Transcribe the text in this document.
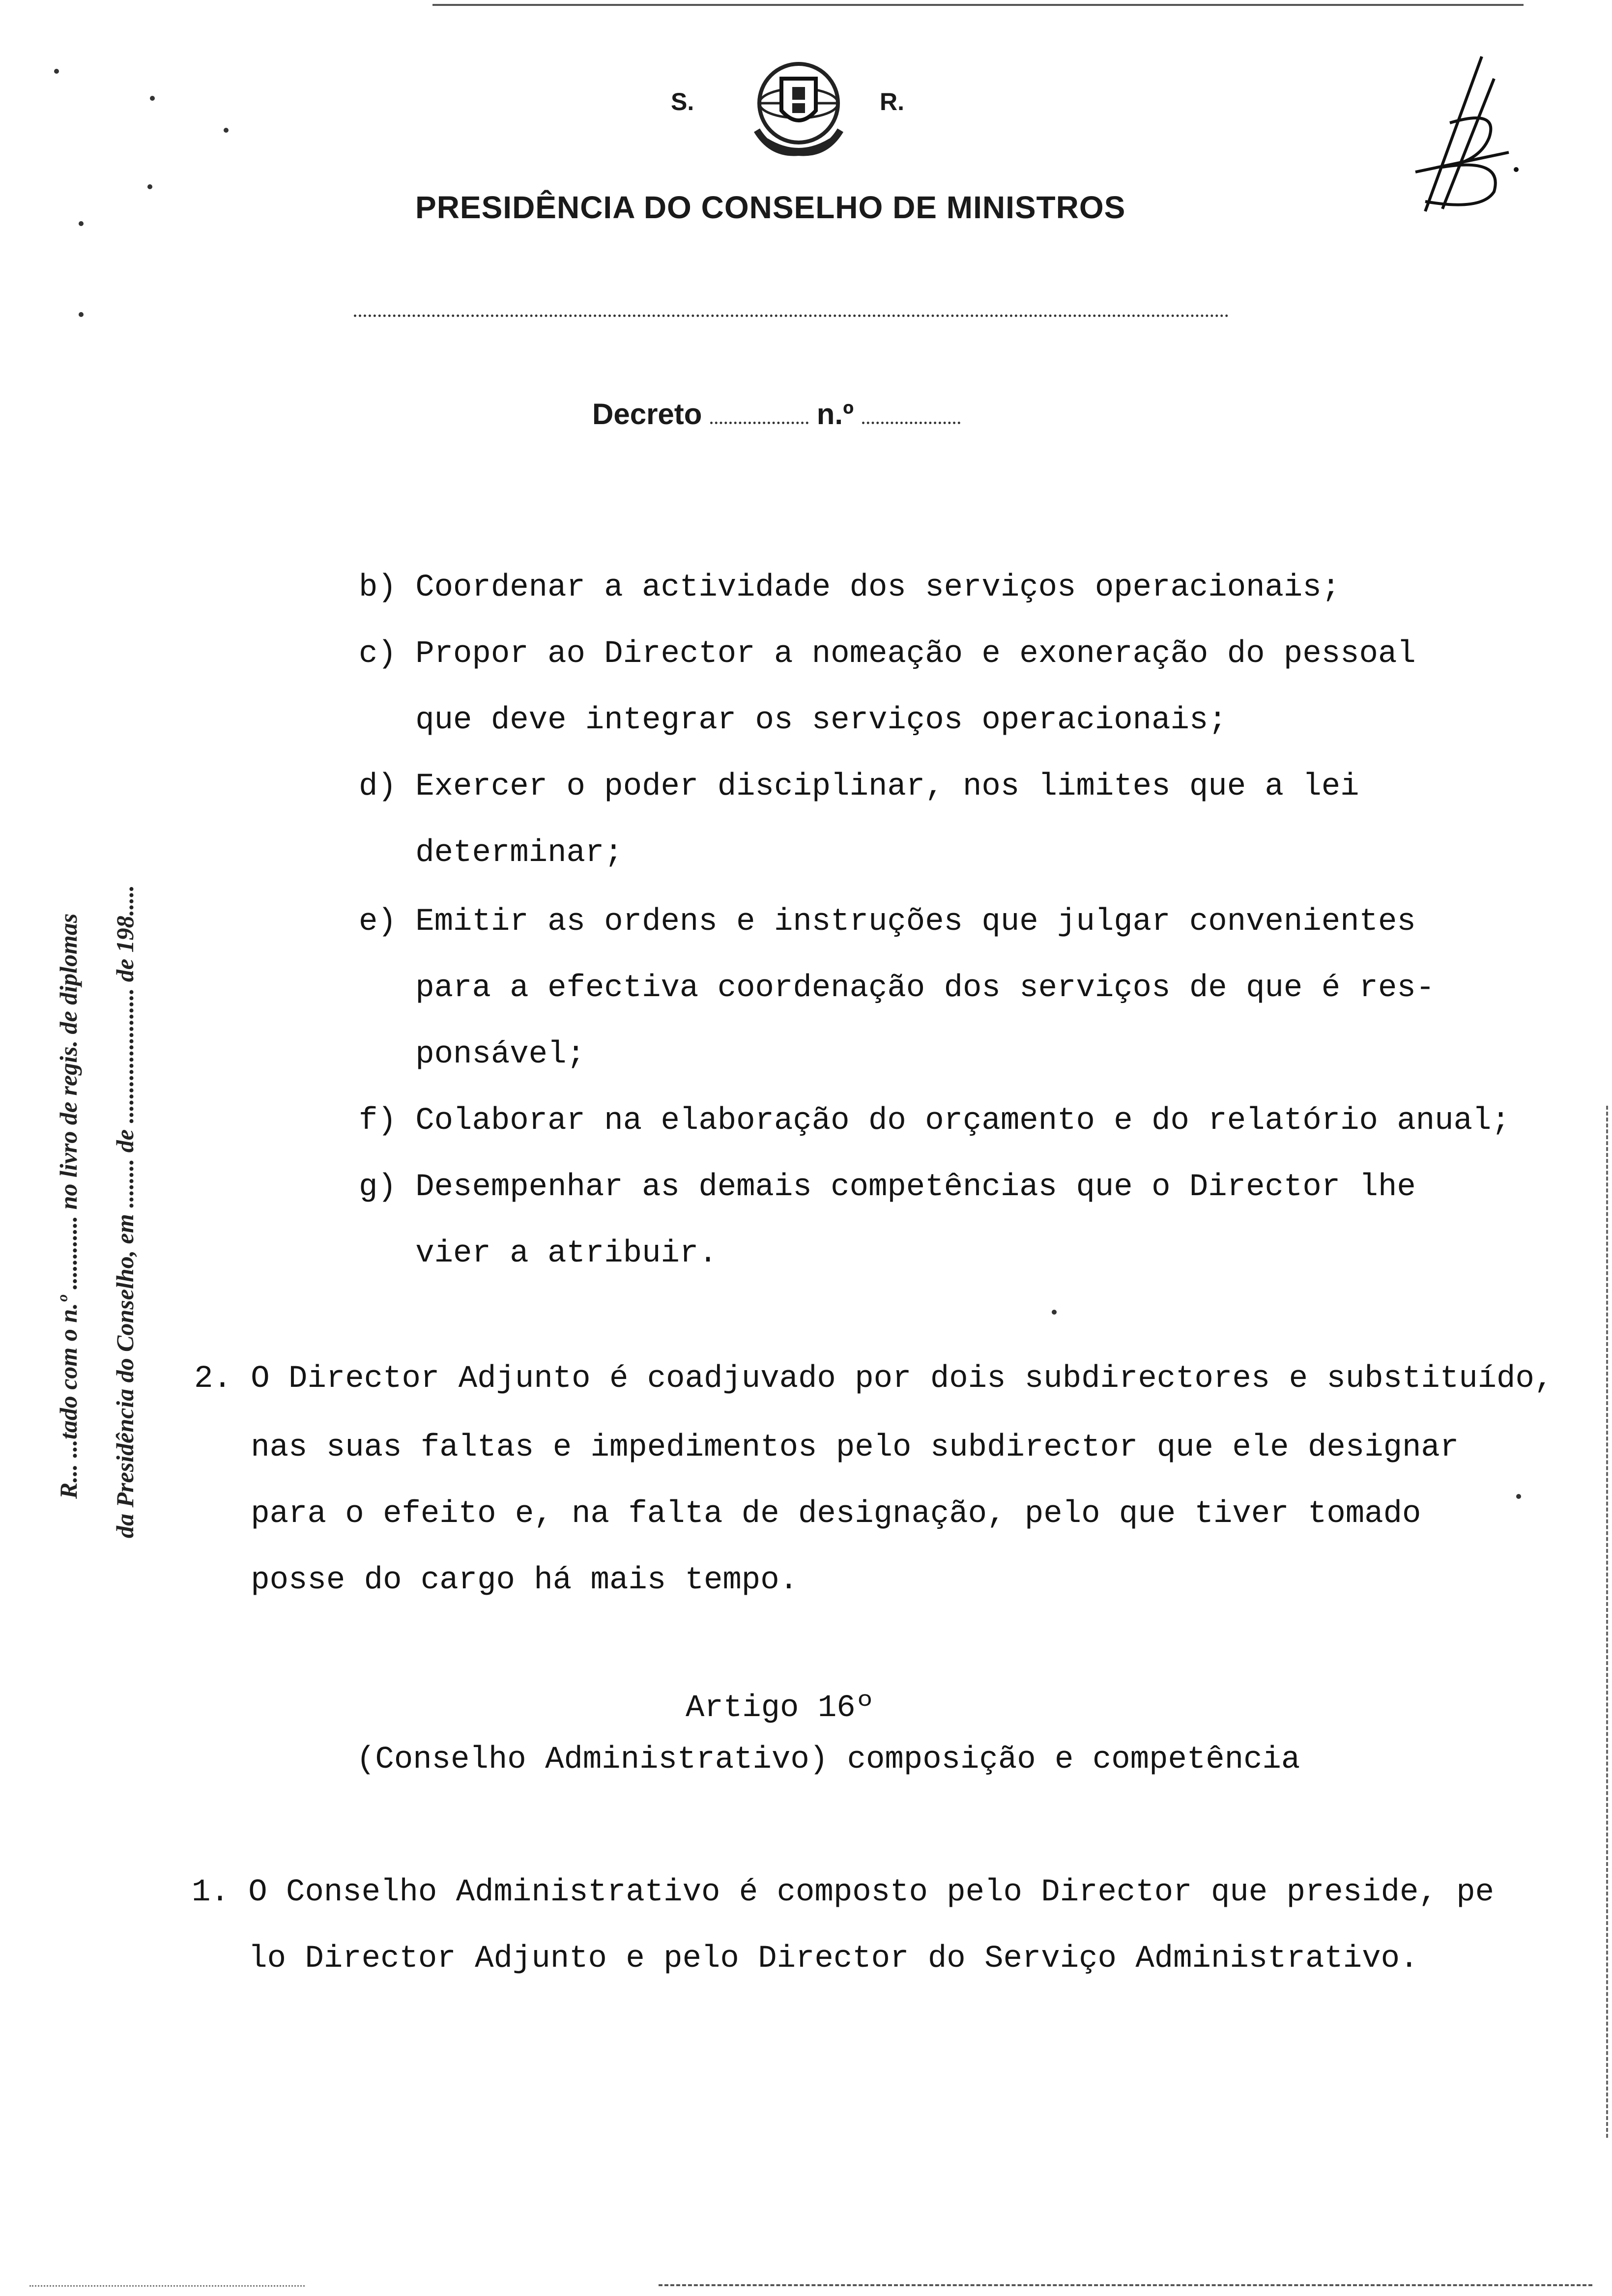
S.	R.
PRESIDÊNCIA DO CONSELHO DE MINISTROS
Decreto	n.º
R... ...tado com o n.º ............ no livro de regis. de diplomas da Presidência do Conselho, em ........ de ...................... de 198.....
b) Coordenar a actividade dos serviços operacionais;
c) Propor ao Director a nomeação e exoneração do pessoal
que deve integrar os serviços operacionais;
d) Exercer o poder disciplinar, nos limites que a lei
determinar;
e) Emitir as ordens e instruções que julgar convenientes
para a efectiva coordenação dos serviços de que é res-
ponsável;
f) Colaborar na elaboração do orçamento e do relatório anual;
g) Desempenhar as demais competências que o Director lhe
vier a atribuir.
2. O Director Adjunto é coadjuvado por dois subdirectores e substituído,
nas suas faltas e impedimentos pelo subdirector que ele designar
para o efeito e, na falta de designação, pelo que tiver tomado
posse do cargo há mais tempo.
Artigo 16º
(Conselho Administrativo) composição e competência
1. O Conselho Administrativo é composto pelo Director que preside, pe
lo Director Adjunto e pelo Director do Serviço Administrativo.
